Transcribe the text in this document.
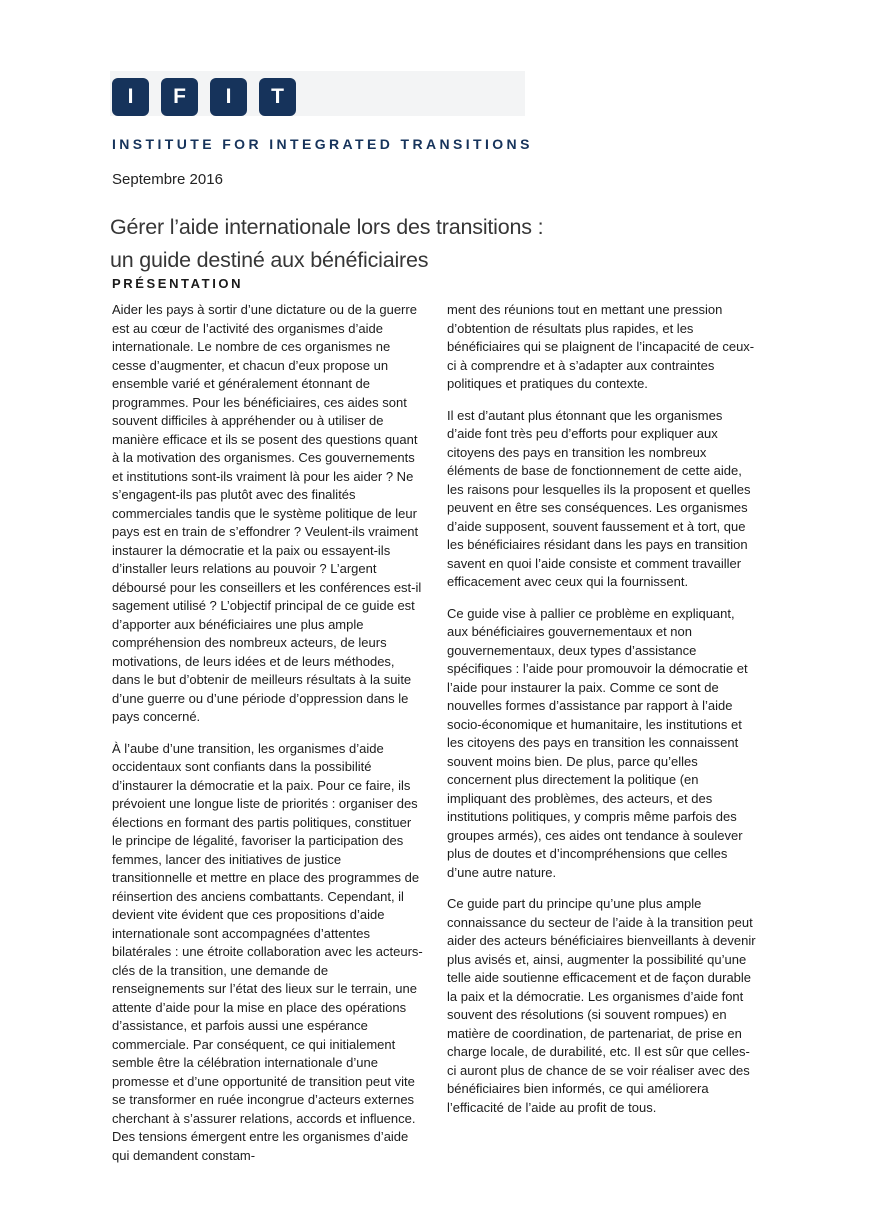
I	F	I	T
INSTITUTE FOR INTEGRATED TRANSITIONS
Septembre 2016
Gérer l’aide internationale lors des transitions :
un guide destiné aux bénéficiaires
PRÉSENTATION

Aider les pays à sortir d’une dictature ou de la guerre est au cœur de l’activité des organismes d’aide internationale. Le nombre de ces organismes ne cesse d’augmenter, et chacun d’eux propose un ensemble varié et généralement étonnant de programmes. Pour les bénéficiaires, ces aides sont souvent difficiles à appréhender ou à utiliser de manière efficace et ils se posent des questions quant à la motivation des organismes. Ces gouvernements et institutions sont-ils vraiment là pour les aider ? Ne s’engagent-ils pas plutôt avec des finalités commerciales tandis que le système politique de leur pays est en train de s’effondrer ? Veulent-ils vraiment instaurer la démocratie et la paix ou essayent-ils d’installer leurs relations au pouvoir ? L’argent déboursé pour les conseillers et les conférences est-il sagement utilisé ? L’objectif principal de ce guide est d’apporter aux bénéficiaires une plus ample compréhension des nombreux acteurs, de leurs motivations, de leurs idées et de leurs méthodes, dans le but d’obtenir de meilleurs résultats à la suite d’une guerre ou d’une période d’oppression dans le pays concerné.

À l’aube d’une transition, les organismes d’aide occidentaux sont confiants dans la possibilité d’instaurer la démocratie et la paix. Pour ce faire, ils prévoient une longue liste de priorités : organiser des élections en formant des partis politiques, constituer le principe de légalité, favoriser la participation des femmes, lancer des initiatives de justice transitionnelle et mettre en place des programmes de réinsertion des anciens combattants. Cependant, il devient vite évident que ces propositions d’aide internationale sont accompagnées d’attentes bilatérales : une étroite collaboration avec les acteurs-clés de la transition, une demande de renseignements sur l’état des lieux sur le terrain, une attente d’aide pour la mise en place des opérations d’assistance, et parfois aussi une espérance commerciale. Par conséquent, ce qui initialement semble être la célébration internationale d’une promesse et d’une opportunité de transition peut vite se transformer en ruée incongrue d’acteurs externes cherchant à s’assurer relations, accords et influence. Des tensions émergent entre les organismes d’aide qui demandent constam-

ment des réunions tout en mettant une pression d’obtention de résultats plus rapides, et les bénéficiaires qui se plaignent de l’incapacité de ceux-ci à comprendre et à s’adapter aux contraintes politiques et pratiques du contexte.

Il est d’autant plus étonnant que les organismes d’aide font très peu d’efforts pour expliquer aux citoyens des pays en transition les nombreux éléments de base de fonctionnement de cette aide, les raisons pour lesquelles ils la proposent et quelles peuvent en être ses conséquences. Les organismes d’aide supposent, souvent faussement et à tort, que les bénéficiaires résidant dans les pays en transition savent en quoi l’aide consiste et comment travailler efficacement avec ceux qui la fournissent.

Ce guide vise à pallier ce problème en expliquant, aux bénéficiaires gouvernementaux et non gouvernementaux, deux types d’assistance spécifiques : l’aide pour promouvoir la démocratie et l’aide pour instaurer la paix. Comme ce sont de nouvelles formes d’assistance par rapport à l’aide socio-économique et humanitaire, les institutions et les citoyens des pays en transition les connaissent souvent moins bien. De plus, parce qu’elles concernent plus directement la politique (en impliquant des problèmes, des acteurs, et des institutions politiques, y compris même parfois des groupes armés), ces aides ont tendance à soulever plus de doutes et d’incompréhensions que celles d’une autre nature.

Ce guide part du principe qu’une plus ample connaissance du secteur de l’aide à la transition peut aider des acteurs bénéficiaires bienveillants à devenir plus avisés et, ainsi, augmenter la possibilité qu’une telle aide soutienne efficacement et de façon durable la paix et la démocratie. Les organismes d’aide font souvent des résolutions (si souvent rompues) en matière de coordination, de partenariat, de prise en charge locale, de durabilité, etc. Il est sûr que celles-ci auront plus de chance de se voir réaliser avec des bénéficiaires bien informés, ce qui améliorera l’efficacité de l’aide au profit de tous.
